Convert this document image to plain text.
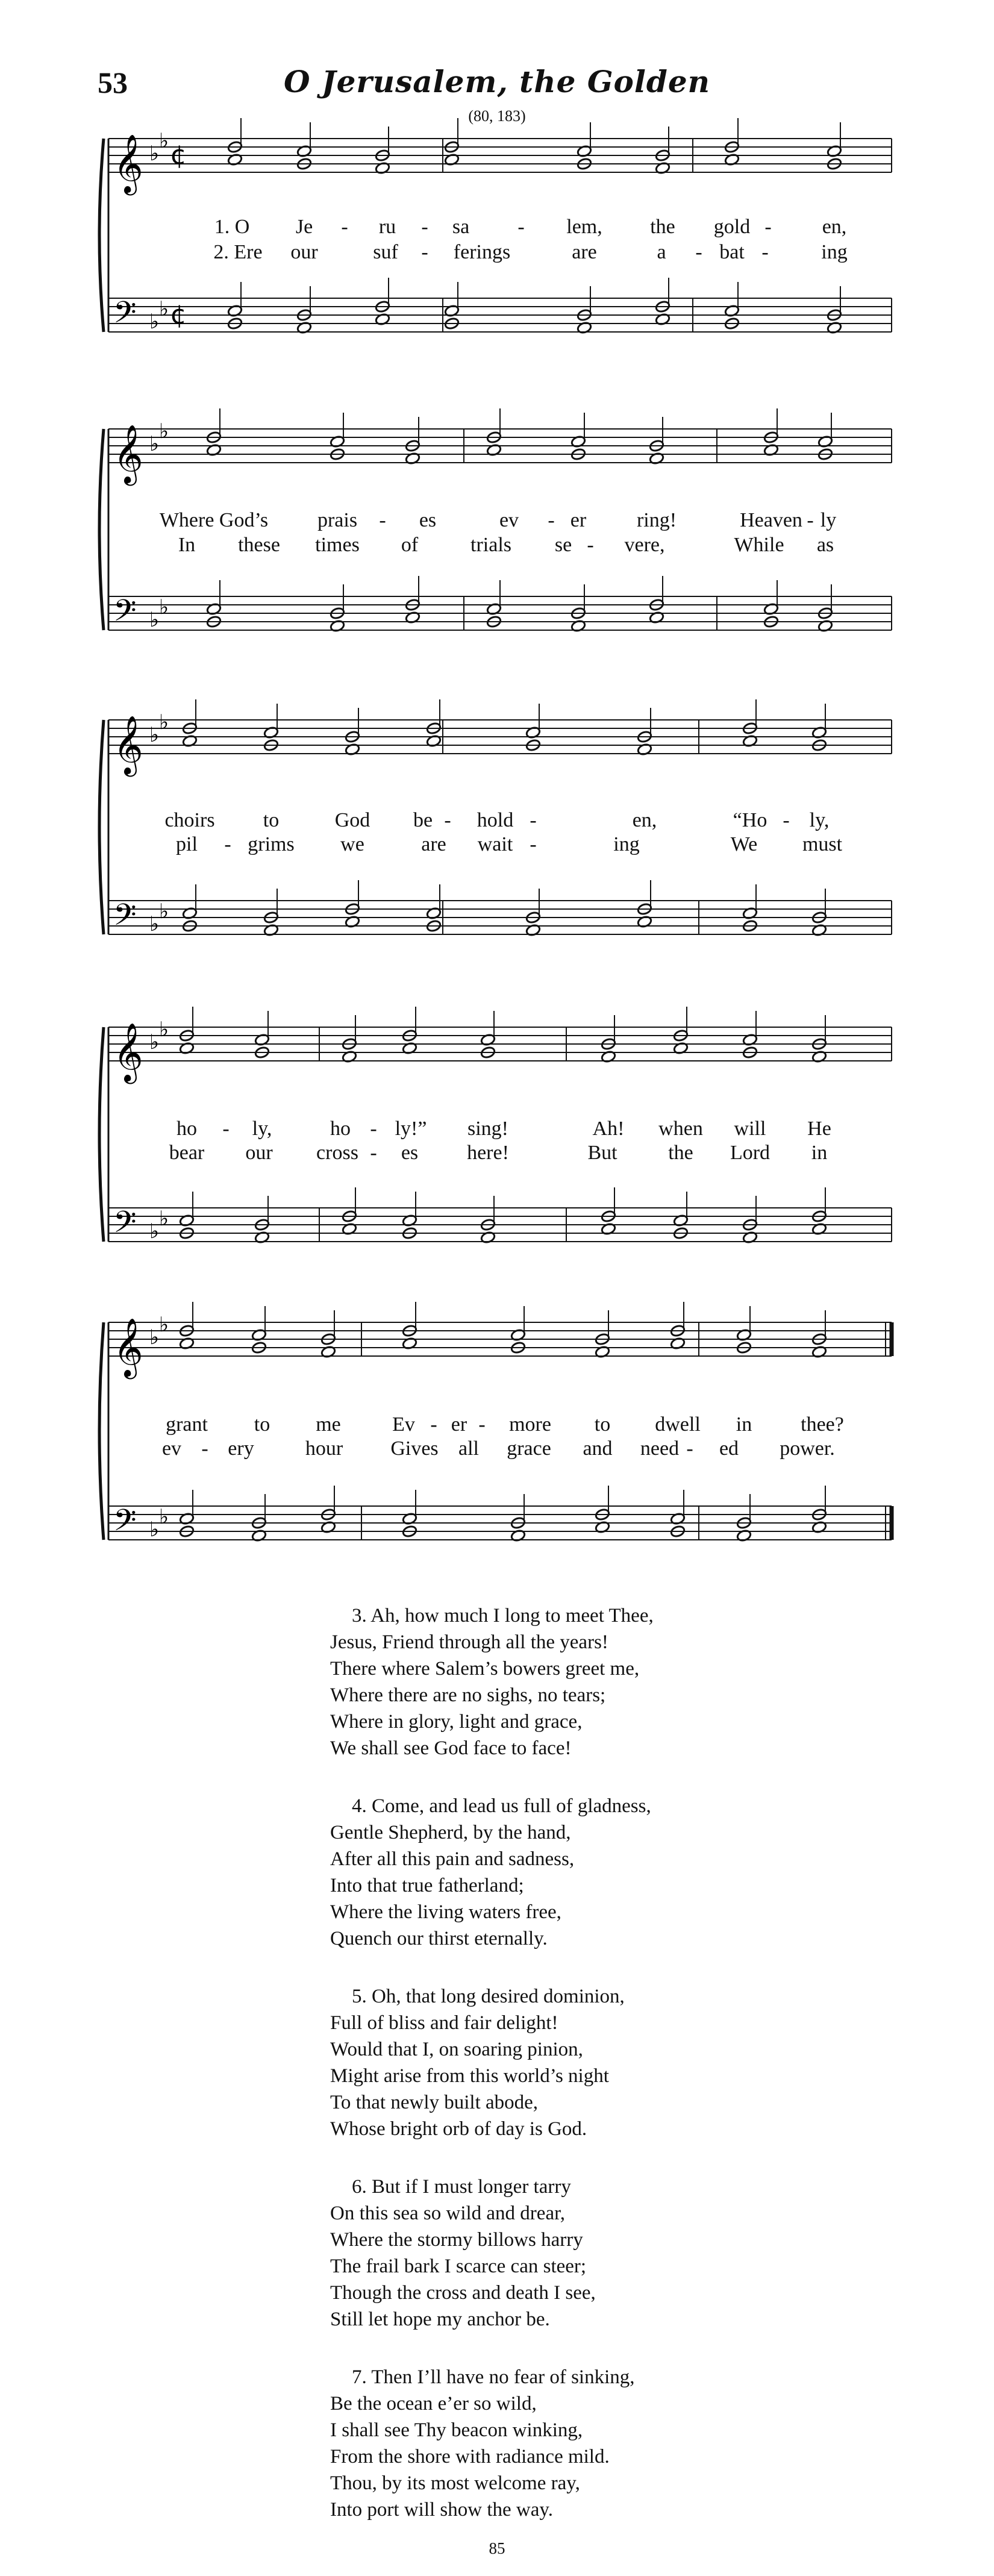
53	O Jerusalem, the Golden
(80, 183)
𝄞
𝄢
♭
♭
♭
♭
¢
¢
1. O Je - ru - sa - lem, the gold - en,
2. Ere our	suf - ferings	are	a - bat -	ing
𝄞
𝄢
♭
♭
♭
♭
Where God’s prais - es	ev - er ring!	Heaven - ly
In these times of	trials se - vere,	While as
𝄞
𝄢
♭
♭
♭
♭
choirs to	God be - hold -	en,	“Ho - ly,
pil - grims we	are wait -	ing	We must
𝄞
𝄢
♭
♭
♭
♭
ho - ly,	ho - ly!” sing!	Ah! when will He
bear our cross - es here!	But the Lord in
𝄞
𝄢
♭
♭
♭
♭
grant to me	Ev - er - more to dwell in thee?
ev - ery	hour Gives all grace and need - ed power.
3. Ah, how much I long to meet Thee,
Jesus, Friend through all the years!
There where Salem’s bowers greet me,
Where there are no sighs, no tears;
Where in glory, light and grace,
We shall see God face to face!
4. Come, and lead us full of gladness,
Gentle Shepherd, by the hand,
After all this pain and sadness,
Into that true fatherland;
Where the living waters free,
Quench our thirst eternally.
5. Oh, that long desired dominion,
Full of bliss and fair delight!
Would that I, on soaring pinion,
Might arise from this world’s night
To that newly built abode,
Whose bright orb of day is God.
6. But if I must longer tarry
On this sea so wild and drear,
Where the stormy billows harry
The frail bark I scarce can steer;
Though the cross and death I see,
Still let hope my anchor be.
7. Then I’ll have no fear of sinking,
Be the ocean e’er so wild,
I shall see Thy beacon winking,
From the shore with radiance mild.
Thou, by its most welcome ray,
Into port will show the way.
85
